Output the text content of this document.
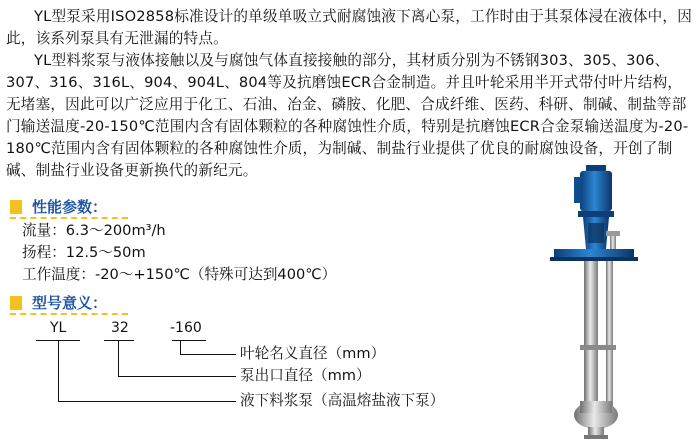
YL型泵采用ISO2858标准设计的单级单吸立式耐腐蚀液下离心泵，工作时由于其泵体浸在液体中，因此，该系列泵具有无泄漏的特点。

YL型料浆泵与液体接触以及与腐蚀气体直接接触的部分，其材质分别为不锈钢303、305、306、307、316、316L、904、904L、804等及抗磨蚀ECR合金制造。并且叶轮采用半开式带付叶片结构，无堵塞，因此可以广泛应用于化工、石油、冶金、磷胺、化肥、合成纤维、医药、科研、制碱、制盐等部门输送温度-20-150℃范围内含有固体颗粒的各种腐蚀性介质，特别是抗磨蚀ECR合金泵输送温度为-20-180℃范围内含有固体颗粒的各种腐蚀性介质，为制碱、制盐行业提供了优良的耐腐蚀设备，开创了制碱、制盐行业设备更新换代的新纪元。

性能参数：
流量：6.3～200m³/h
扬程：12.5～50m
工作温度：-20～+150℃（特殊可达到400℃）
型号意义：
YL	32	-160
叶轮名义直径（mm）
泵出口直径（mm）
液下料浆泵（高温熔盐液下泵）
